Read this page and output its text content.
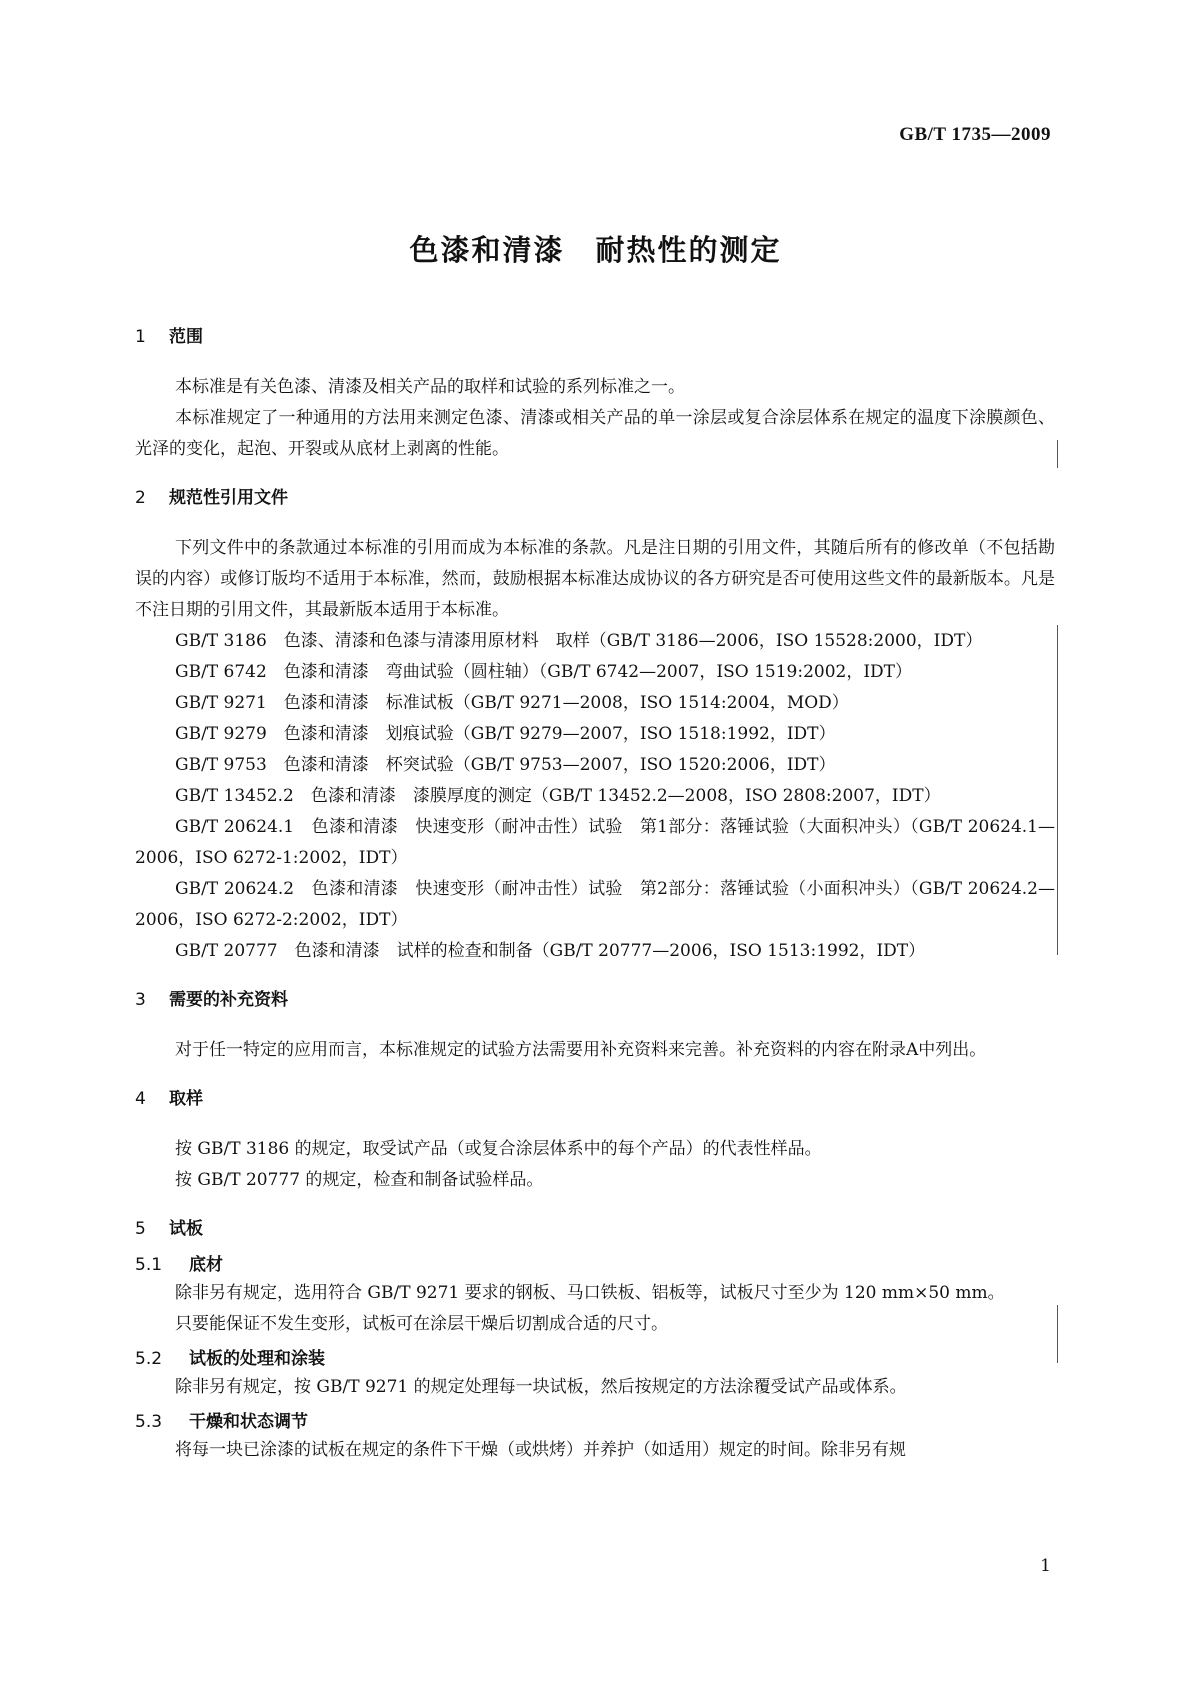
GB/T 1735—2009
色漆和清漆　耐热性的测定
1 范围

本标准是有关色漆、清漆及相关产品的取样和试验的系列标准之一。

本标准规定了一种通用的方法用来测定色漆、清漆或相关产品的单一涂层或复合涂层体系在规定的温度下涂膜颜色、光泽的变化，起泡、开裂或从底材上剥离的性能。

2 规范性引用文件

下列文件中的条款通过本标准的引用而成为本标准的条款。凡是注日期的引用文件，其随后所有的修改单（不包括勘误的内容）或修订版均不适用于本标准，然而，鼓励根据本标准达成协议的各方研究是否可使用这些文件的最新版本。凡是不注日期的引用文件，其最新版本适用于本标准。

GB/T 3186　色漆、清漆和色漆与清漆用原材料　取样（GB/T 3186—2006，ISO 15528:2000，IDT）

GB/T 6742　色漆和清漆　弯曲试验（圆柱轴）（GB/T 6742—2007，ISO 1519:2002，IDT）

GB/T 9271　色漆和清漆　标准试板（GB/T 9271—2008，ISO 1514:2004，MOD）

GB/T 9279　色漆和清漆　划痕试验（GB/T 9279—2007，ISO 1518:1992，IDT）

GB/T 9753　色漆和清漆　杯突试验（GB/T 9753—2007，ISO 1520:2006，IDT）

GB/T 13452.2　色漆和清漆　漆膜厚度的测定（GB/T 13452.2—2008，ISO 2808:2007，IDT）

GB/T 20624.1　色漆和清漆　快速变形（耐冲击性）试验　第1部分：落锤试验（大面积冲头）（GB/T 20624.1—2006，ISO 6272-1:2002，IDT）

GB/T 20624.2　色漆和清漆　快速变形（耐冲击性）试验　第2部分：落锤试验（小面积冲头）（GB/T 20624.2—2006，ISO 6272-2:2002，IDT）

GB/T 20777　色漆和清漆　试样的检查和制备（GB/T 20777—2006，ISO 1513:1992，IDT）

3 需要的补充资料

对于任一特定的应用而言，本标准规定的试验方法需要用补充资料来完善。补充资料的内容在附录A中列出。

4 取样

按 GB/T 3186 的规定，取受试产品（或复合涂层体系中的每个产品）的代表性样品。

按 GB/T 20777 的规定，检查和制备试验样品。

5 试板
5.1 底材

除非另有规定，选用符合 GB/T 9271 要求的钢板、马口铁板、铝板等，试板尺寸至少为 120 mm×50 mm。

只要能保证不发生变形，试板可在涂层干燥后切割成合适的尺寸。

5.2 试板的处理和涂装

除非另有规定，按 GB/T 9271 的规定处理每一块试板，然后按规定的方法涂覆受试产品或体系。

5.3 干燥和状态调节

将每一块已涂漆的试板在规定的条件下干燥（或烘烤）并养护（如适用）规定的时间。除非另有规

1
